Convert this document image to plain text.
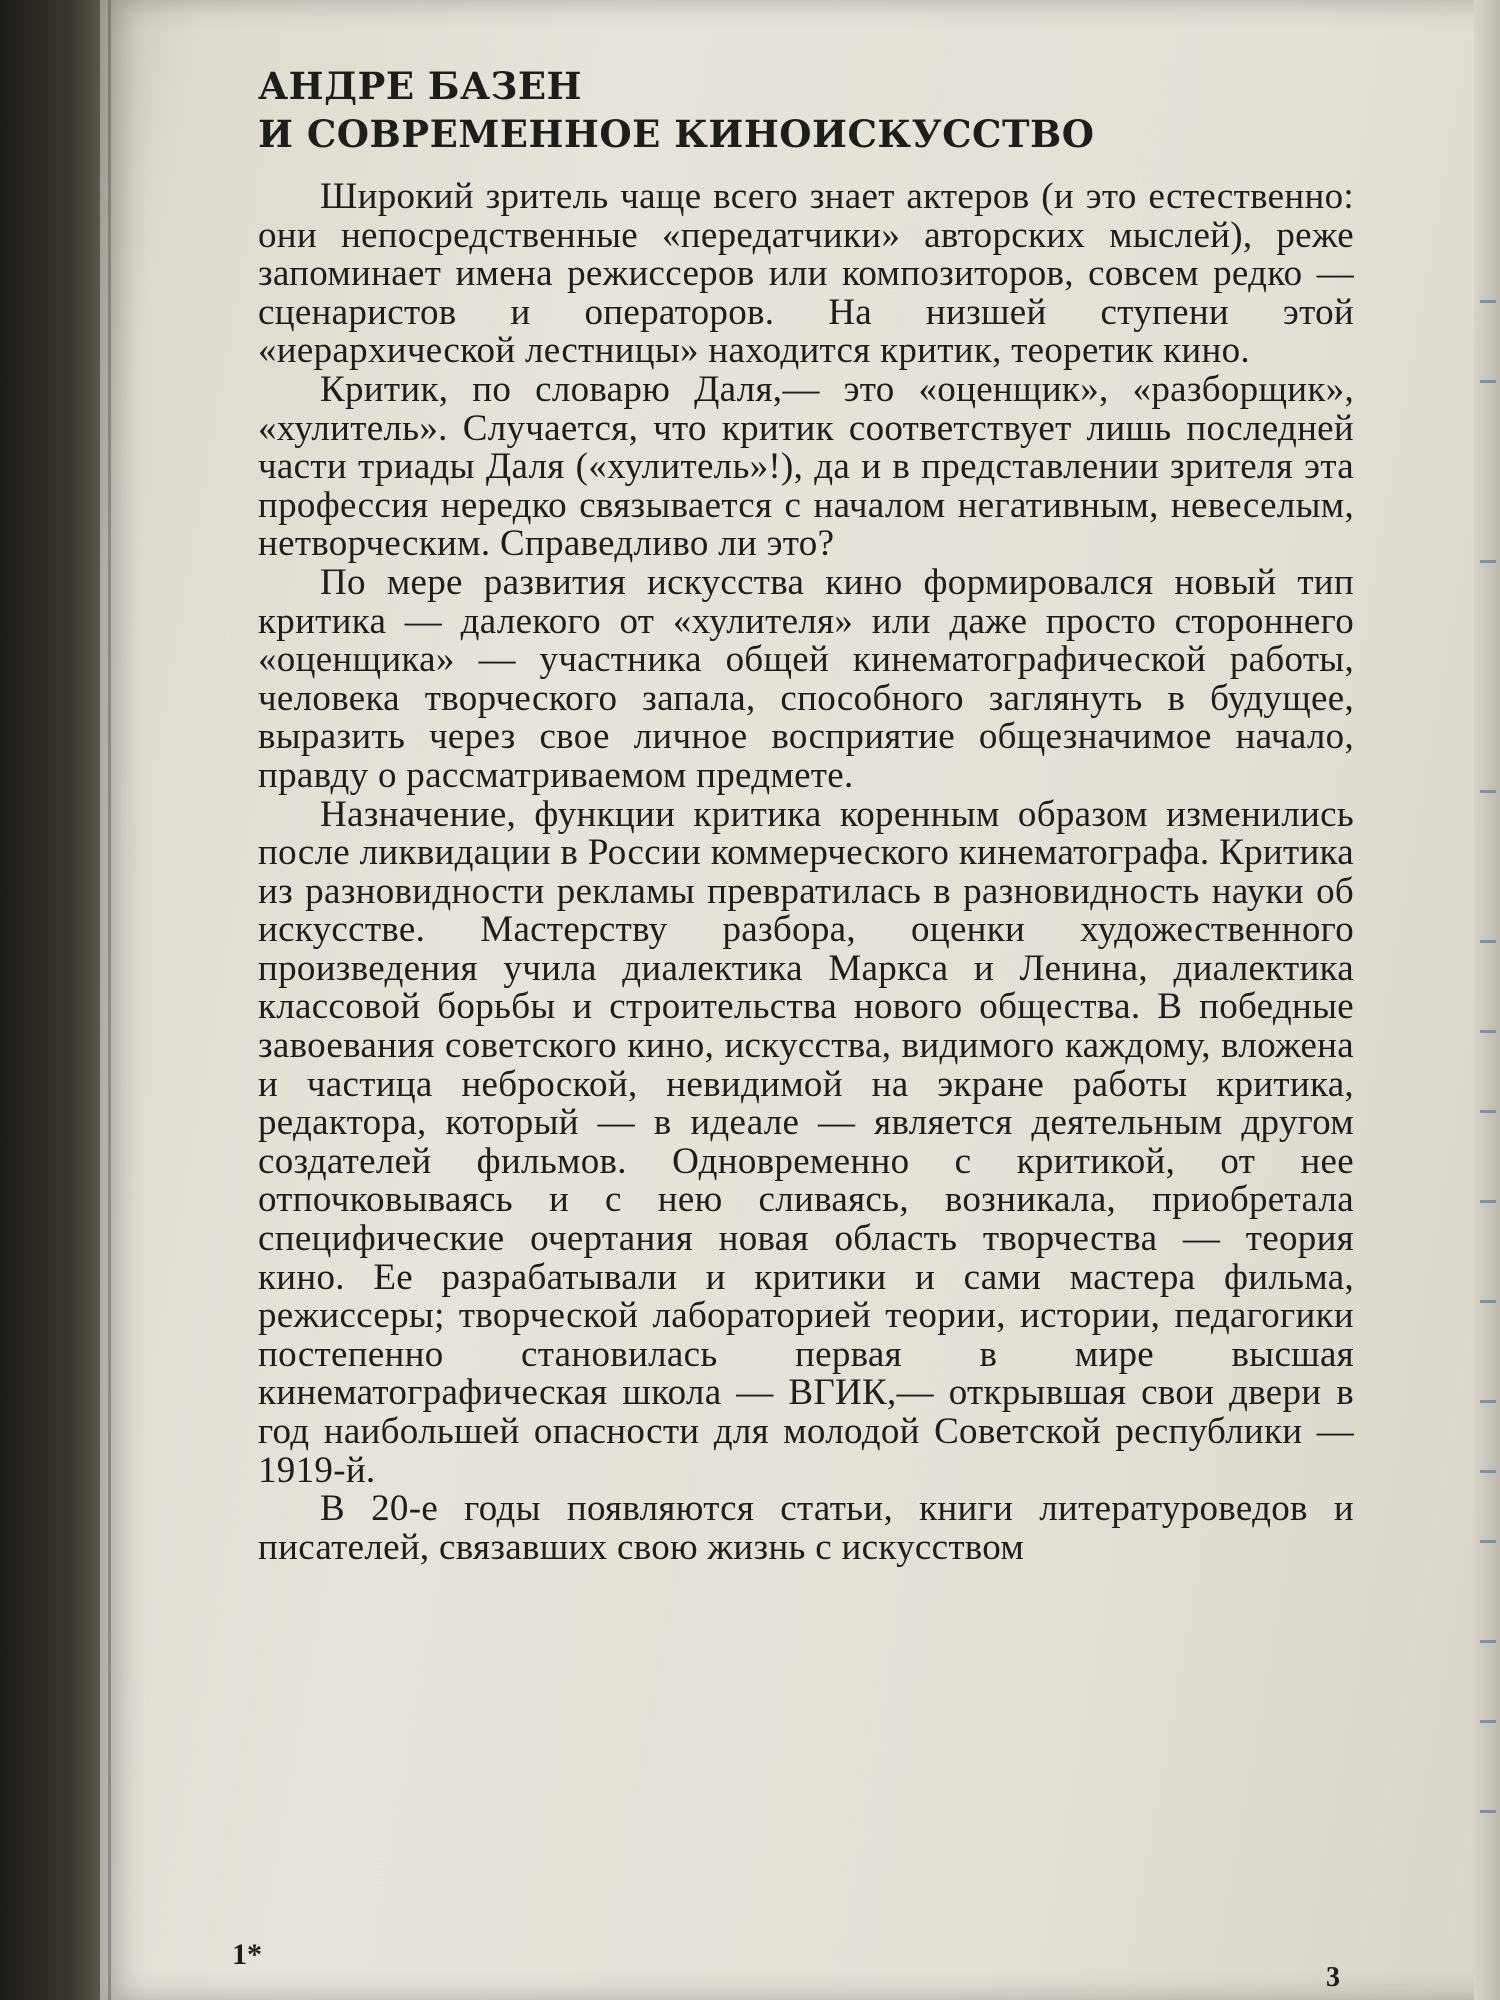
АНДРЕ БАЗЕН
И СОВРЕМЕННОЕ КИНОИСКУССТВО

Широкий зритель чаще всего знает актеров (и это естественно: они непосредственные «передатчики» авторских мыслей), реже запоминает имена режиссеров или композиторов, совсем редко — сценаристов и операторов. На низшей ступени этой «иерархической лестницы» находится критик, теоретик кино.

Критик, по словарю Даля,— это «оценщик», «разборщик», «хулитель». Случается, что критик соответствует лишь последней части триады Даля («хулитель»!), да и в представлении зрителя эта профессия нередко связывается с началом негативным, невеселым, нетворческим. Справедливо ли это?

По мере развития искусства кино формировался новый тип критика — далекого от «хулителя» или даже просто стороннего «оценщика» — участника общей кинематографической работы, человека творческого запала, способного заглянуть в будущее, выразить через свое личное восприятие общезначимое начало, правду о рассматриваемом предмете.

Назначение, функции критика коренным образом изменились после ликвидации в России коммерческого кинематографа. Критика из разновидности рекламы превратилась в разновидность науки об искусстве. Мастерству разбора, оценки художественного произведения учила диалектика Маркса и Ленина, диалектика классовой борьбы и строительства нового общества. В победные завоевания советского кино, искусства, видимого каждому, вложена и частица неброской, невидимой на экране работы критика, редактора, который — в идеале — является деятельным другом создателей фильмов. Одновременно с критикой, от нее отпочковываясь и с нею сливаясь, возникала, приобретала специфические очертания новая область творчества — теория кино. Ее разрабатывали и критики и сами мастера фильма, режиссеры; творческой лабораторией теории, истории, педагогики постепенно становилась первая в мире высшая кинематографическая школа — ВГИК,— открывшая свои двери в год наибольшей опасности для молодой Советской республики — 1919-й.

В 20-е годы появляются статьи, книги литературоведов и писателей, связавших свою жизнь с искусством

1*
3
